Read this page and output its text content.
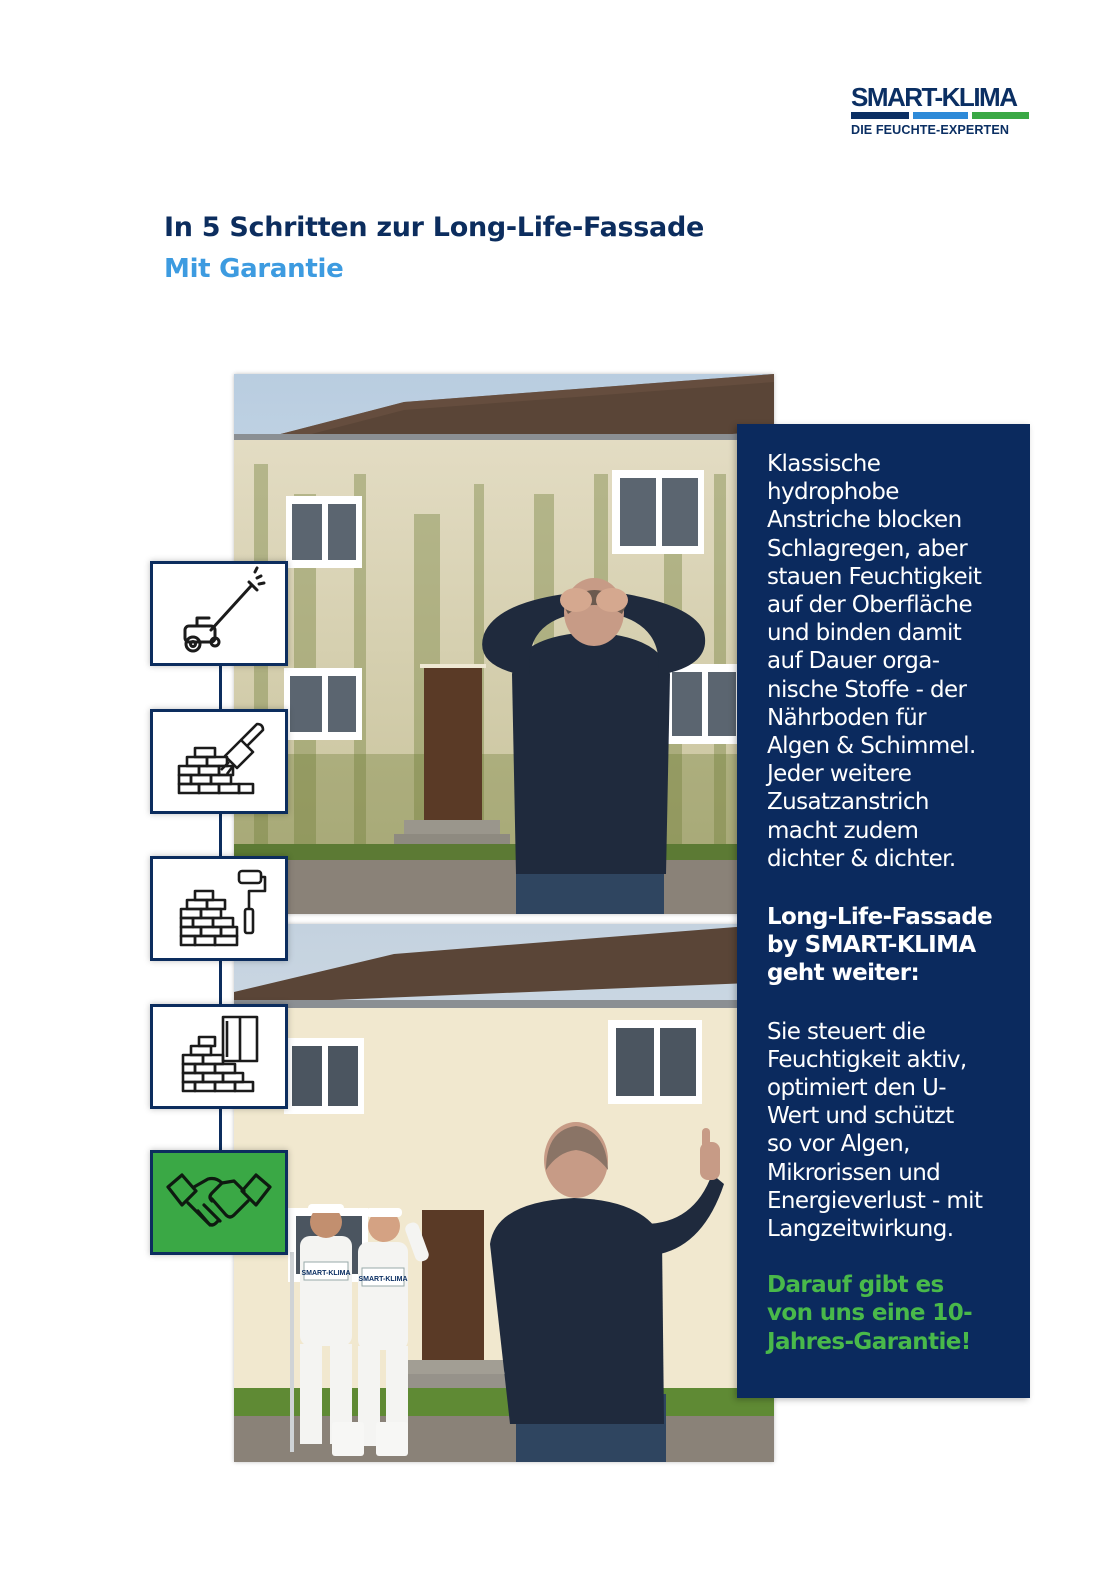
SMART-KLIMA
DIE FEUCHTE-EXPERTEN
In 5 Schritten zur Long-Life-Fassade
Mit Garantie
SMART-KLIMA
SMART-KLIMA

Klassische
hydrophobe
Anstriche blocken
Schlagregen, aber
stauen Feuchtigkeit
auf der Oberfläche
und binden damit
auf Dauer orga-
nische Stoffe - der
Nährboden für
Algen & Schimmel.
Jeder weitere
Zusatzanstrich
macht zudem
dichter & dichter.

Long-Life-Fassade
by SMART-KLIMA
geht weiter:

Sie steuert die
Feuchtigkeit aktiv,
optimiert den U-
Wert und schützt
so vor Algen,
Mikrorissen und
Energieverlust - mit
Langzeitwirkung.

Darauf gibt es
von uns eine 10-
Jahres-Garantie!
